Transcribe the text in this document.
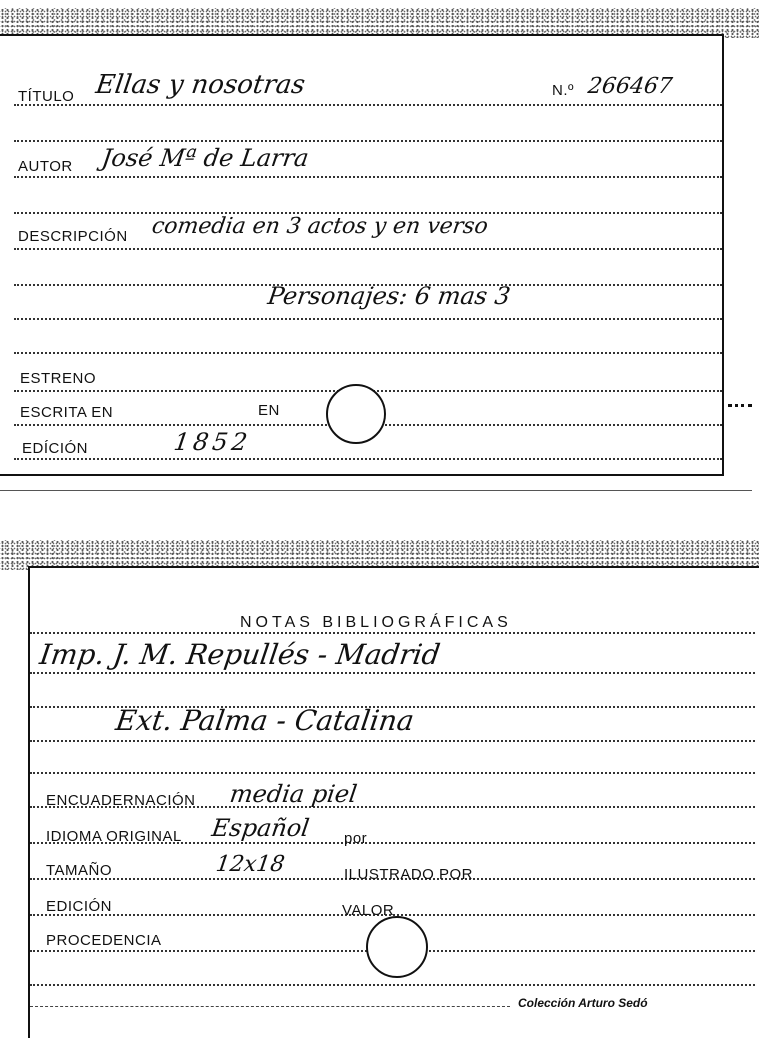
TÍTULO Ellas y nosotras	N.º 266467
AUTOR José Mª de Larra
DESCRIPCIÓN comedia en 3 actos y en verso
Personajes: 6 mas 3
ESTRENO
ESCRITA EN	EN
EDÍCIÓN	1852
NOTAS BIBLIOGRÁFICAS
Imp. J. M. Repullés - Madrid
Ext. Palma - Catalina
ENCUADERNACIÓN media piel
IDIOMA ORIGINAL Español por
TAMAÑO	12x18	ILUSTRADO POR
EDICIÓN	VALOR
PROCEDENCIA
Colección Arturo Sedó
